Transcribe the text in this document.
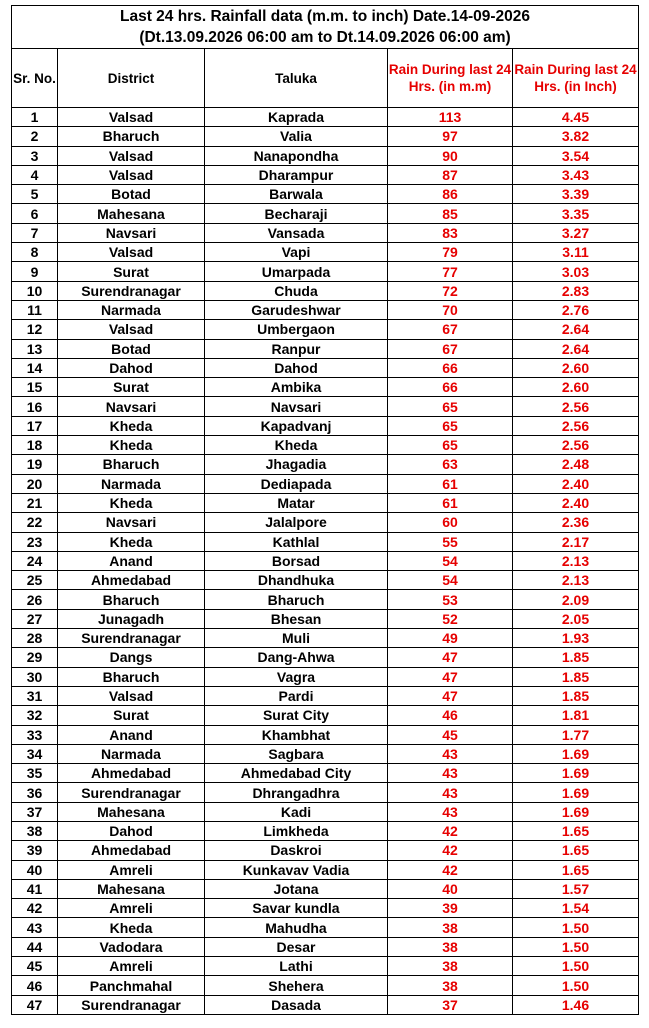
Last 24 hrs. Rainfall data (m.m. to inch) Date.14-09-2026				
(Dt.13.09.2026 06:00 am to Dt.14.09.2026 06:00 am)				
Sr. No.	District	Taluka	Rain During last 24 Hrs. (in m.m)	Rain During last 24 Hrs. (in Inch)
1	Valsad	Kaprada	113	4.45
2	Bharuch	Valia	97	3.82
3	Valsad	Nanapondha	90	3.54
4	Valsad	Dharampur	87	3.43
5	Botad	Barwala	86	3.39
6	Mahesana	Becharaji	85	3.35
7	Navsari	Vansada	83	3.27
8	Valsad	Vapi	79	3.11
9	Surat	Umarpada	77	3.03
10	Surendranagar	Chuda	72	2.83
11	Narmada	Garudeshwar	70	2.76
12	Valsad	Umbergaon	67	2.64
13	Botad	Ranpur	67	2.64
14	Dahod	Dahod	66	2.60
15	Surat	Ambika	66	2.60
16	Navsari	Navsari	65	2.56
17	Kheda	Kapadvanj	65	2.56
18	Kheda	Kheda	65	2.56
19	Bharuch	Jhagadia	63	2.48
20	Narmada	Dediapada	61	2.40
21	Kheda	Matar	61	2.40
22	Navsari	Jalalpore	60	2.36
23	Kheda	Kathlal	55	2.17
24	Anand	Borsad	54	2.13
25	Ahmedabad	Dhandhuka	54	2.13
26	Bharuch	Bharuch	53	2.09
27	Junagadh	Bhesan	52	2.05
28	Surendranagar	Muli	49	1.93
29	Dangs	Dang-Ahwa	47	1.85
30	Bharuch	Vagra	47	1.85
31	Valsad	Pardi	47	1.85
32	Surat	Surat City	46	1.81
33	Anand	Khambhat	45	1.77
34	Narmada	Sagbara	43	1.69
35	Ahmedabad	Ahmedabad City	43	1.69
36	Surendranagar	Dhrangadhra	43	1.69
37	Mahesana	Kadi	43	1.69
38	Dahod	Limkheda	42	1.65
39	Ahmedabad	Daskroi	42	1.65
40	Amreli	Kunkavav Vadia	42	1.65
41	Mahesana	Jotana	40	1.57
42	Amreli	Savar kundla	39	1.54
43	Kheda	Mahudha	38	1.50
44	Vadodara	Desar	38	1.50
45	Amreli	Lathi	38	1.50
46	Panchmahal	Shehera	38	1.50
47	Surendranagar	Dasada	37	1.46
